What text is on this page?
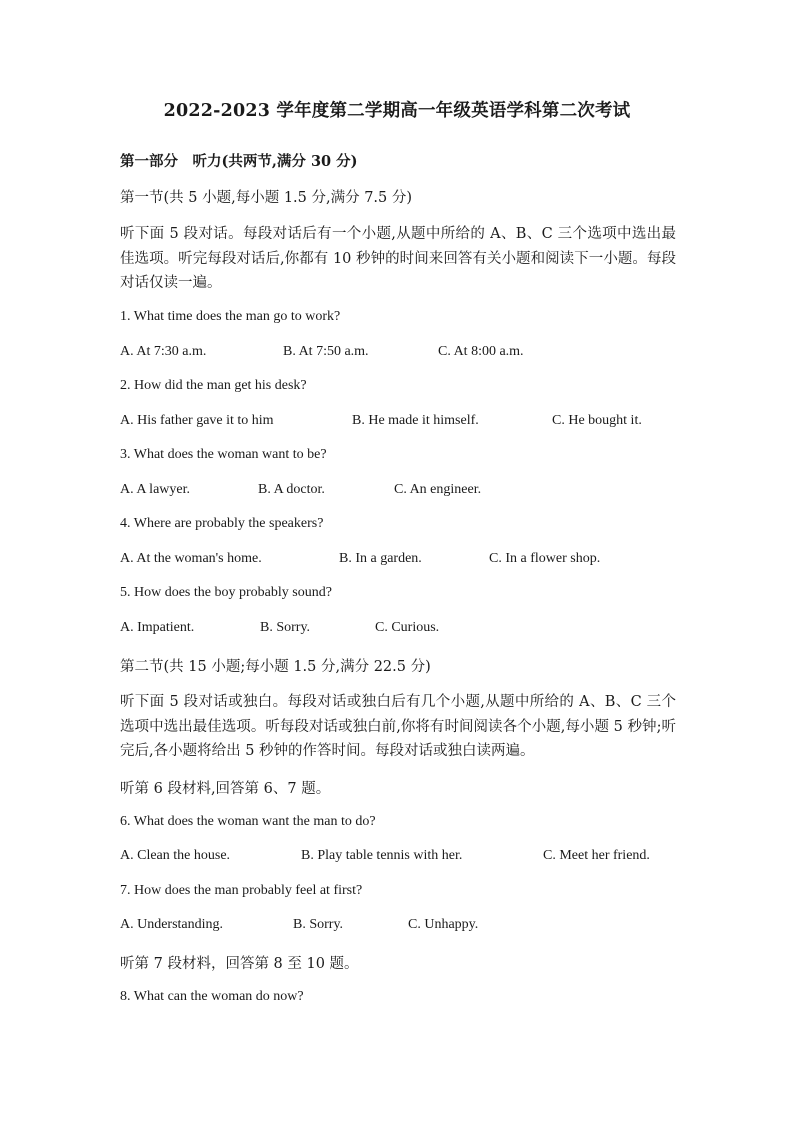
2022-2023 学年度第二学期高一年级英语学科第二次考试
第一部分　听力(共两节,满分 30 分)
第一节(共 5 小题,每小题 1.5 分,满分 7.5 分)
听下面 5 段对话。每段对话后有一个小题,从题中所给的 A、B、C 三个选项中选出最佳选项。听完每段对话后,你都有 10 秒钟的时间来回答有关小题和阅读下一小题。每段对话仅读一遍。
1. What time does the man go to work?
A. At 7:30 a.m.	B. At 7:50 a.m.	C. At 8:00 a.m.
2. How did the man get his desk?
A. His father gave it to him	B. He made it himself.	C. He bought it.
3. What does the woman want to be?
A. A lawyer.	B. A doctor.	C. An engineer.
4. Where are probably the speakers?
A. At the woman's home.	B. In a garden.	C. In a flower shop.
5. How does the boy probably sound?
A. Impatient.	B. Sorry.	C. Curious.
第二节(共 15 小题;每小题 1.5 分,满分 22.5 分)
听下面 5 段对话或独白。每段对话或独白后有几个小题,从题中所给的 A、B、C 三个选项中选出最佳选项。听每段对话或独白前,你将有时间阅读各个小题,每小题 5 秒钟;听完后,各小题将给出 5 秒钟的作答时间。每段对话或独白读两遍。
听第 6 段材料,回答第 6、7 题。
6. What does the woman want the man to do?
A. Clean the house.	B. Play table tennis with her.	C. Meet her friend.
7. How does the man probably feel at first?
A. Understanding.	B. Sorry.	C. Unhappy.
听第 7 段材料，回答第 8 至 10 题。
8. What can the woman do now?
